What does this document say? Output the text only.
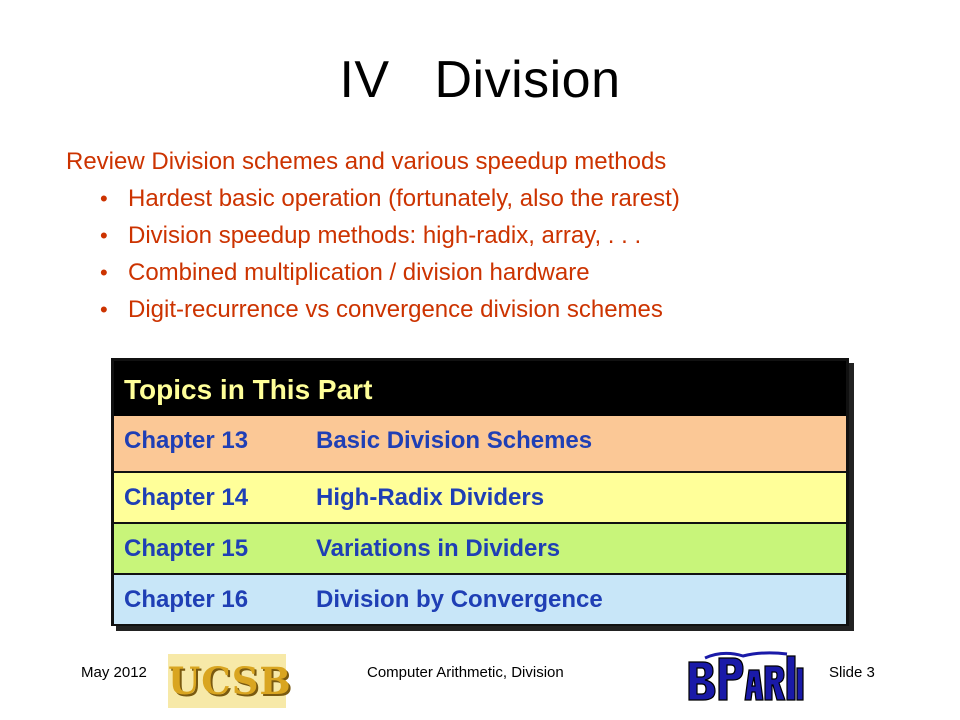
IV   Division
Review Division schemes and various speedup methods
• Hardest basic operation (fortunately, also the rarest)
• Division speedup methods: high-radix, array, . . .
• Combined multiplication / division hardware
• Digit-recurrence vs convergence division schemes
Topics in This Part
Chapter 13	Basic Division Schemes
Chapter 14	High-Radix Dividers
Chapter 15	Variations in Dividers
Chapter 16	Division by Convergence
May 2012 UCSB	Computer Arithmetic, Division	Slide 3
